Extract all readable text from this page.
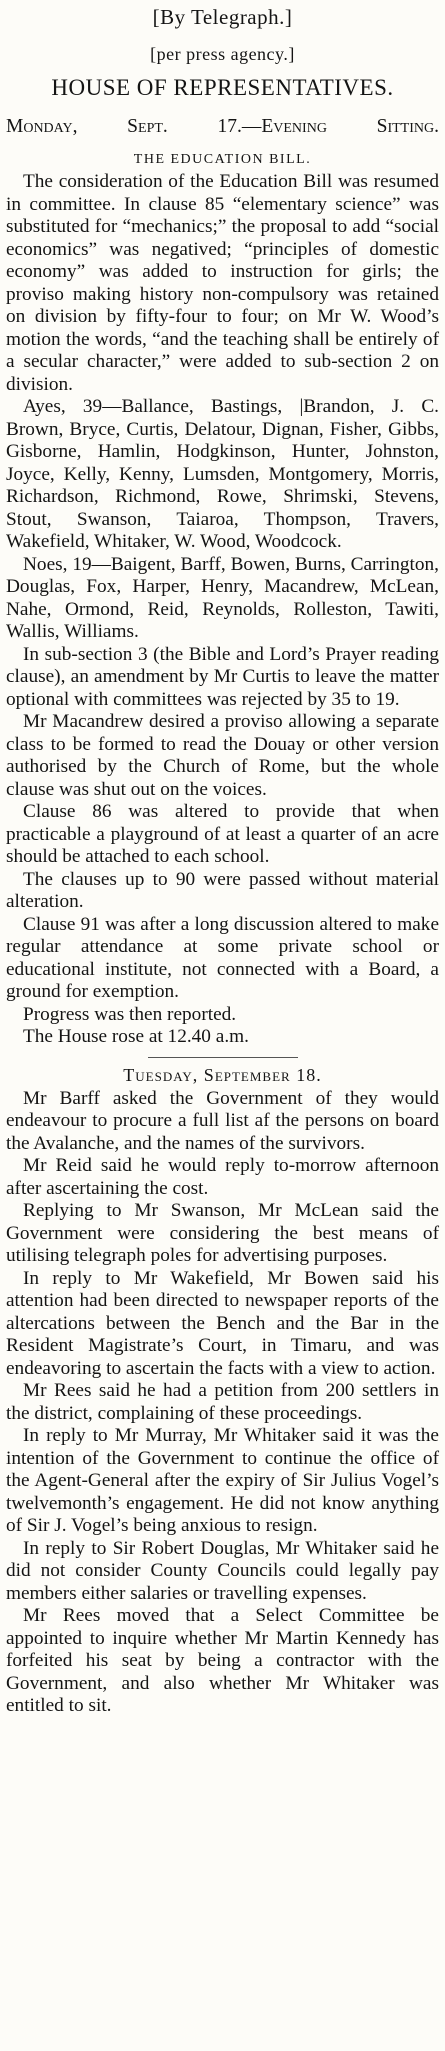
[By Telegraph.]
[per press agency.]
HOUSE OF REPRESENTATIVES.
Monday, Sept. 17.—Evening Sitting.
THE EDUCATION BILL.

The consideration of the Education Bill was resumed in committee. In clause 85 “elementary science” was substituted for “mechanics;” the proposal to add “social economics” was negatived; “principles of domestic economy” was added to instruction for girls; the proviso making history non-compulsory was retained on division by fifty-four to four; on Mr W. Wood’s motion the words, “and the teaching shall be entirely of a secular character,” were added to sub-section 2 on division.

Ayes, 39—Ballance, Bastings, |Brandon, J. C. Brown, Bryce, Curtis, Delatour, Dignan, Fisher, Gibbs, Gisborne, Hamlin, Hodgkinson, Hunter, Johnston, Joyce, Kelly, Kenny, Lumsden, Montgomery, Morris, Richardson, Richmond, Rowe, Shrimski, Stevens, Stout, Swanson, Taiaroa, Thompson, Travers, Wakefield, Whitaker, W. Wood, Woodcock.

Noes, 19—Baigent, Barff, Bowen, Burns, Carrington, Douglas, Fox, Harper, Henry, Macandrew, McLean, Nahe, Ormond, Reid, Reynolds, Rolleston, Tawiti, Wallis, Williams.

In sub-section 3 (the Bible and Lord’s Prayer reading clause), an amendment by Mr Curtis to leave the matter optional with committees was rejected by 35 to 19.

Mr Macandrew desired a proviso allowing a separate class to be formed to read the Douay or other version authorised by the Church of Rome, but the whole clause was shut out on the voices.

Clause 86 was altered to provide that when practicable a playground of at least a quarter of an acre should be attached to each school.

The clauses up to 90 were passed without material alteration.

Clause 91 was after a long discussion altered to make regular attendance at some private school or educational institute, not connected with a Board, a ground for exemption.

Progress was then reported.

The House rose at 12.40 a.m.

Tuesday, September 18.

Mr Barff asked the Government of they would endeavour to procure a full list af the persons on board the Avalanche, and the names of the survivors.

Mr Reid said he would reply to-morrow afternoon after ascertaining the cost.

Replying to Mr Swanson, Mr McLean said the Government were considering the best means of utilising telegraph poles for advertising purposes.

In reply to Mr Wakefield, Mr Bowen said his attention had been directed to newspaper reports of the altercations between the Bench and the Bar in the Resident Magistrate’s Court, in Timaru, and was endeavoring to ascertain the facts with a view to action.

Mr Rees said he had a petition from 200 settlers in the district, complaining of these proceedings.

In reply to Mr Murray, Mr Whitaker said it was the intention of the Government to continue the office of the Agent-General after the expiry of Sir Julius Vogel’s twelvemonth’s engagement. He did not know anything of Sir J. Vogel’s being anxious to resign.

In reply to Sir Robert Douglas, Mr Whitaker said he did not consider County Councils could legally pay members either salaries or travelling expenses.

Mr Rees moved that a Select Committee be appointed to inquire whether Mr Martin Kennedy has forfeited his seat by being a contractor with the Government, and also whether Mr Whitaker was entitled to sit.
